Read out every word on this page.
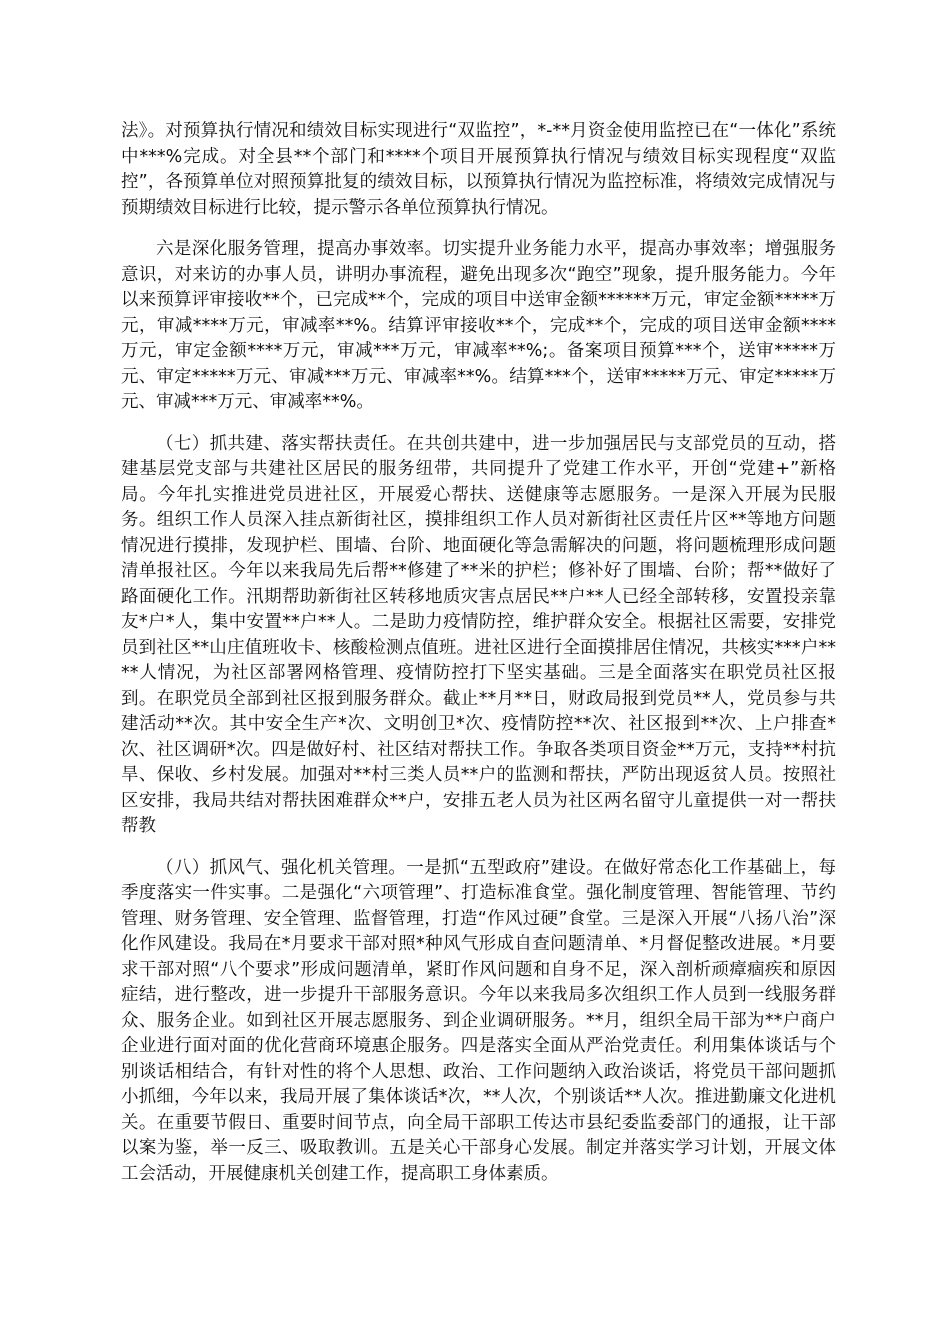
法》。对预算执行情况和绩效目标实现进行“双监控”，*-**月资金使用监控已在“一体化”系统中***%完成。对全县**个部门和****个项目开展预算执行情况与绩效目标实现程度“双监控”，各预算单位对照预算批复的绩效目标，以预算执行情况为监控标准，将绩效完成情况与预期绩效目标进行比较，提示警示各单位预算执行情况。

六是深化服务管理，提高办事效率。切实提升业务能力水平，提高办事效率；增强服务意识，对来访的办事人员，讲明办事流程，避免出现多次“跑空”现象，提升服务能力。今年以来预算评审接收**个，已完成**个，完成的项目中送审金额******万元，审定金额*****万元，审减****万元，审减率**%。结算评审接收**个，完成**个，完成的项目送审金额****万元，审定金额****万元，审减***万元，审减率**%;。备案项目预算***个，送审*****万元、审定*****万元、审减***万元、审减率**%。结算***个，送审*****万元、审定*****万元、审减***万元、审减率**%。

（七）抓共建、落实帮扶责任。在共创共建中，进一步加强居民与支部党员的互动，搭建基层党支部与共建社区居民的服务纽带，共同提升了党建工作水平，开创“党建+”新格局。今年扎实推进党员进社区，开展爱心帮扶、送健康等志愿服务。一是深入开展为民服务。组织工作人员深入挂点新街社区，摸排组织工作人员对新街社区责任片区**等地方问题情况进行摸排，发现护栏、围墙、台阶、地面硬化等急需解决的问题，将问题梳理形成问题清单报社区。今年以来我局先后帮**修建了**米的护栏；修补好了围墙、台阶；帮**做好了路面硬化工作。汛期帮助新街社区转移地质灾害点居民**户**人已经全部转移，安置投亲靠友*户*人，集中安置**户**人。二是助力疫情防控，维护群众安全。根据社区需要，安排党员到社区**山庄值班收卡、核酸检测点值班。进社区进行全面摸排居住情况，共核实***户****人情况，为社区部署网格管理、疫情防控打下坚实基础。三是全面落实在职党员社区报到。在职党员全部到社区报到服务群众。截止**月**日，财政局报到党员**人，党员参与共建活动**次。其中安全生产*次、文明创卫*次、疫情防控**次、社区报到**次、上户排查*次、社区调研*次。四是做好村、社区结对帮扶工作。争取各类项目资金**万元，支持**村抗旱、保收、乡村发展。加强对**村三类人员**户的监测和帮扶，严防出现返贫人员。按照社区安排，我局共结对帮扶困难群众**户，安排五老人员为社区两名留守儿童提供一对一帮扶帮教

（八）抓风气、强化机关管理。一是抓“五型政府”建设。在做好常态化工作基础上，每季度落实一件实事。二是强化“六项管理”、打造标准食堂。强化制度管理、智能管理、节约管理、财务管理、安全管理、监督管理，打造“作风过硬”食堂。三是深入开展“八扬八治”深化作风建设。我局在*月要求干部对照*种风气形成自查问题清单、*月督促整改进展。*月要求干部对照“八个要求”形成问题清单，紧盯作风问题和自身不足，深入剖析顽瘴痼疾和原因症结，进行整改，进一步提升干部服务意识。今年以来我局多次组织工作人员到一线服务群众、服务企业。如到社区开展志愿服务、到企业调研服务。**月，组织全局干部为**户商户企业进行面对面的优化营商环境惠企服务。四是落实全面从严治党责任。利用集体谈话与个别谈话相结合，有针对性的将个人思想、政治、工作问题纳入政治谈话，将党员干部问题抓小抓细，今年以来，我局开展了集体谈话*次，**人次，个别谈话**人次。推进勤廉文化进机关。在重要节假日、重要时间节点，向全局干部职工传达市县纪委监委部门的通报，让干部以案为鉴，举一反三、吸取教训。五是关心干部身心发展。制定并落实学习计划，开展文体工会活动，开展健康机关创建工作，提高职工身体素质。
